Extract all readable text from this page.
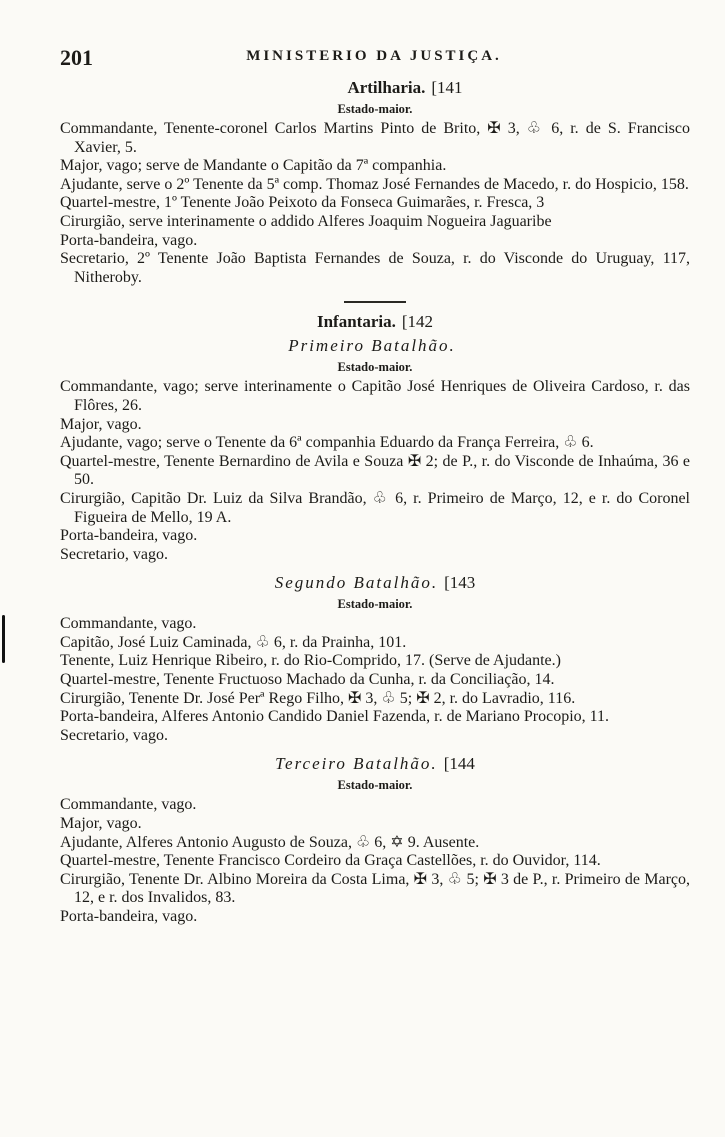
201	MINISTERIO DA JUSTIÇA.
Artilharia. [141
Estado-maior.
Commandante, Tenente-coronel Carlos Martins Pinto de Brito, ✠ 3, ♧ 6, r. de S. Francisco Xavier, 5.
Major, vago; serve de Mandante o Capitão da 7ª companhia.
Ajudante, serve o 2º Tenente da 5ª comp. Thomaz José Fernandes de Macedo, r. do Hospicio, 158.
Quartel-mestre, 1º Tenente João Peixoto da Fonseca Guimarães, r. Fresca, 3
Cirurgião, serve interinamente o addido Alferes Joaquim Nogueira Jaguaribe
Porta-bandeira, vago.
Secretario, 2º Tenente João Baptista Fernandes de Souza, r. do Visconde do Uruguay, 117, Nitheroby.
Infantaria. [142
Primeiro Batalhão.
Estado-maior.
Commandante, vago; serve interinamente o Capitão José Henriques de Oliveira Cardoso, r. das Flôres, 26.
Major, vago.
Ajudante, vago; serve o Tenente da 6ª companhia Eduardo da França Ferreira, ♧ 6.
Quartel-mestre, Tenente Bernardino de Avila e Souza ✠ 2; de P., r. do Visconde de Inhaúma, 36 e 50.
Cirurgião, Capitão Dr. Luiz da Silva Brandão, ♧ 6, r. Primeiro de Março, 12, e r. do Coronel Figueira de Mello, 19 A.
Porta-bandeira, vago.
Secretario, vago.
Segundo Batalhão. [143
Estado-maior.
Commandante, vago.
Capitão, José Luiz Caminada, ♧ 6, r. da Prainha, 101.
Tenente, Luiz Henrique Ribeiro, r. do Rio-Comprido, 17. (Serve de Ajudante.)
Quartel-mestre, Tenente Fructuoso Machado da Cunha, r. da Conciliação, 14.
Cirurgião, Tenente Dr. José Perª Rego Filho, ✠ 3, ♧ 5; ✠ 2, r. do Lavradio, 116.
Porta-bandeira, Alferes Antonio Candido Daniel Fazenda, r. de Mariano Procopio, 11.
Secretario, vago.
Terceiro Batalhão. [144
Estado-maior.
Commandante, vago.
Major, vago.
Ajudante, Alferes Antonio Augusto de Souza, ♧ 6, ✡ 9. Ausente.
Quartel-mestre, Tenente Francisco Cordeiro da Graça Castellões, r. do Ouvidor, 114.
Cirurgião, Tenente Dr. Albino Moreira da Costa Lima, ✠ 3, ♧ 5; ✠ 3 de P., r. Primeiro de Março, 12, e r. dos Invalidos, 83.
Porta-bandeira, vago.
